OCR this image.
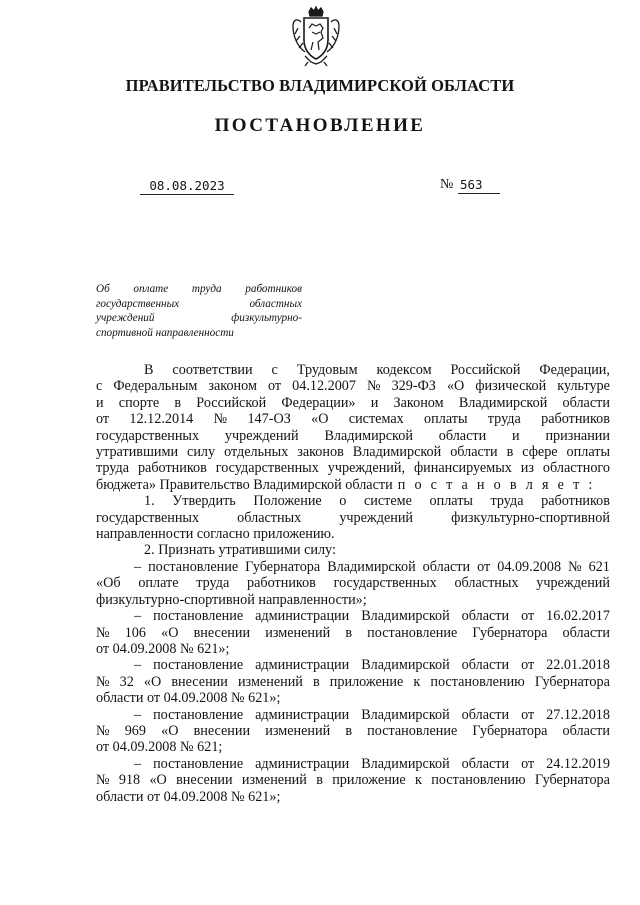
ПРАВИТЕЛЬСТВО ВЛАДИМИРСКОЙ ОБЛАСТИ
ПОСТАНОВЛЕНИЕ
08.08.2023	№ 563
Об оплате труда работников
государственных	областных
учреждений	физкультурно-
спортивной направленности
В соответствии с Трудовым кодексом Российской Федерации,
с Федеральным законом от 04.12.2007 № 329-ФЗ «О физической культуре
и спорте в Российской Федерации» и Законом Владимирской области
от 12.12.2014 № 147-ОЗ «О системах оплаты труда работников
государственных учреждений Владимирской области и признании
утратившими силу отдельных законов Владимирской области в сфере оплаты
труда работников государственных учреждений, финансируемых из областного
бюджета» Правительство Владимирской области п о с т а н о в л я е т :
1. Утвердить Положение о системе оплаты труда работников
государственных	областных	учреждений	физкультурно-спортивной
направленности согласно приложению.
2. Признать утратившими силу:
– постановление Губернатора Владимирской области от 04.09.2008 № 621
«Об оплате труда работников государственных областных учреждений
физкультурно-спортивной направленности»;
– постановление администрации Владимирской области от 16.02.2017
№ 106 «О внесении изменений в постановление Губернатора области
от 04.09.2008 № 621»;
– постановление администрации Владимирской области от 22.01.2018
№ 32 «О внесении изменений в приложение к постановлению Губернатора
области от 04.09.2008 № 621»;
– постановление администрации Владимирской области от 27.12.2018
№ 969 «О внесении изменений в постановление Губернатора области
от 04.09.2008 № 621;
– постановление администрации Владимирской области от 24.12.2019
№ 918 «О внесении изменений в приложение к постановлению Губернатора
области от 04.09.2008 № 621»;
